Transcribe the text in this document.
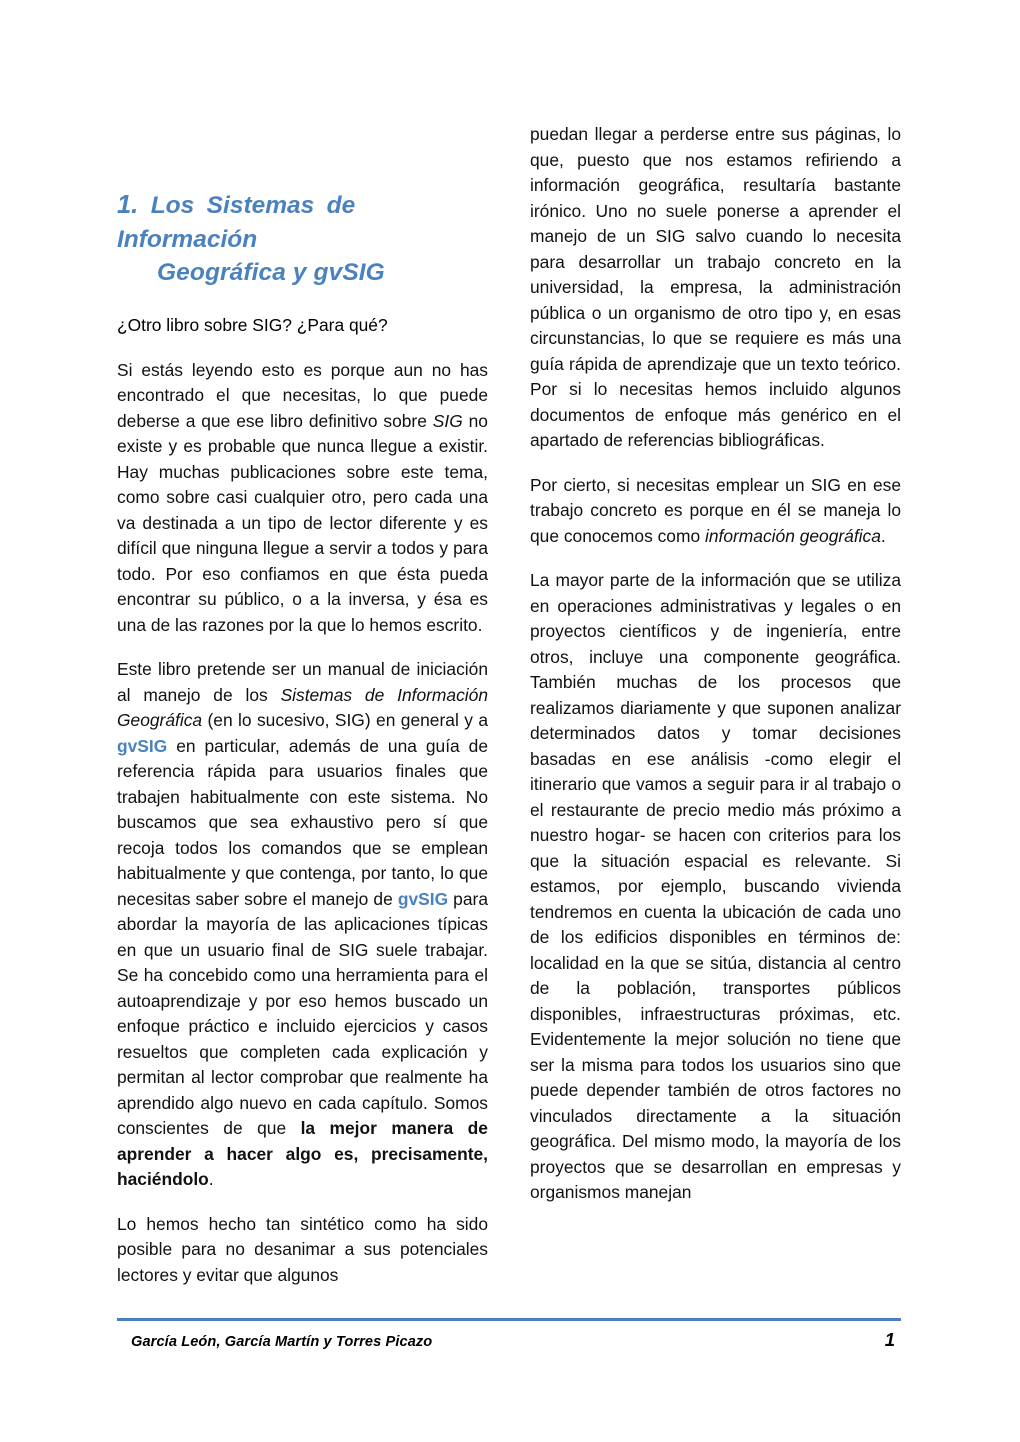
1. Los Sistemas de Información
Geográfica y gvSIG
¿Otro libro sobre SIG? ¿Para qué?

Si estás leyendo esto es porque aun no has encontrado el que necesitas, lo que puede deberse a que ese libro definitivo sobre SIG no existe y es probable que nunca llegue a existir. Hay muchas publicaciones sobre este tema, como sobre casi cualquier otro, pero cada una va destinada a un tipo de lector diferente y es difícil que ninguna llegue a servir a todos y para todo. Por eso confiamos en que ésta pueda encontrar su público, o a la inversa, y ésa es una de las razones por la que lo hemos escrito.

Este libro pretende ser un manual de iniciación al manejo de los Sistemas de Información Geográfica (en lo sucesivo, SIG) en general y a gvSIG en particular, además de una guía de referencia rápida para usuarios finales que trabajen habitualmente con este sistema. No buscamos que sea exhaustivo pero sí que recoja todos los comandos que se emplean habitualmente y que contenga, por tanto, lo que necesitas saber sobre el manejo de gvSIG para abordar la mayoría de las aplicaciones típicas en que un usuario final de SIG suele trabajar. Se ha concebido como una herramienta para el autoaprendizaje y por eso hemos buscado un enfoque práctico e incluido ejercicios y casos resueltos que completen cada explicación y permitan al lector comprobar que realmente ha aprendido algo nuevo en cada capítulo. Somos conscientes de que la mejor manera de aprender a hacer algo es, precisamente, haciéndolo.

Lo hemos hecho tan sintético como ha sido posible para no desanimar a sus potenciales lectores y evitar que algunos

puedan llegar a perderse entre sus páginas, lo que, puesto que nos estamos refiriendo a información geográfica, resultaría bastante irónico. Uno no suele ponerse a aprender el manejo de un SIG salvo cuando lo necesita para desarrollar un trabajo concreto en la universidad, la empresa, la administración pública o un organismo de otro tipo y, en esas circunstancias, lo que se requiere es más una guía rápida de aprendizaje que un texto teórico. Por si lo necesitas hemos incluido algunos documentos de enfoque más genérico en el apartado de referencias bibliográficas.

Por cierto, si necesitas emplear un SIG en ese trabajo concreto es porque en él se maneja lo que conocemos como información geográfica.

La mayor parte de la información que se utiliza en operaciones administrativas y legales o en proyectos científicos y de ingeniería, entre otros, incluye una componente geográfica. También muchas de los procesos que realizamos diariamente y que suponen analizar determinados datos y tomar decisiones basadas en ese análisis -como elegir el itinerario que vamos a seguir para ir al trabajo o el restaurante de precio medio más próximo a nuestro hogar- se hacen con criterios para los que la situación espacial es relevante. Si estamos, por ejemplo, buscando vivienda tendremos en cuenta la ubicación de cada uno de los edificios disponibles en términos de: localidad en la que se sitúa, distancia al centro de la población, transportes públicos disponibles, infraestructuras próximas, etc. Evidentemente la mejor solución no tiene que ser la misma para todos los usuarios sino que puede depender también de otros factores no vinculados directamente a la situación geográfica. Del mismo modo, la mayoría de los proyectos que se desarrollan en empresas y organismos manejan

García León, García Martín y Torres Picazo	1
